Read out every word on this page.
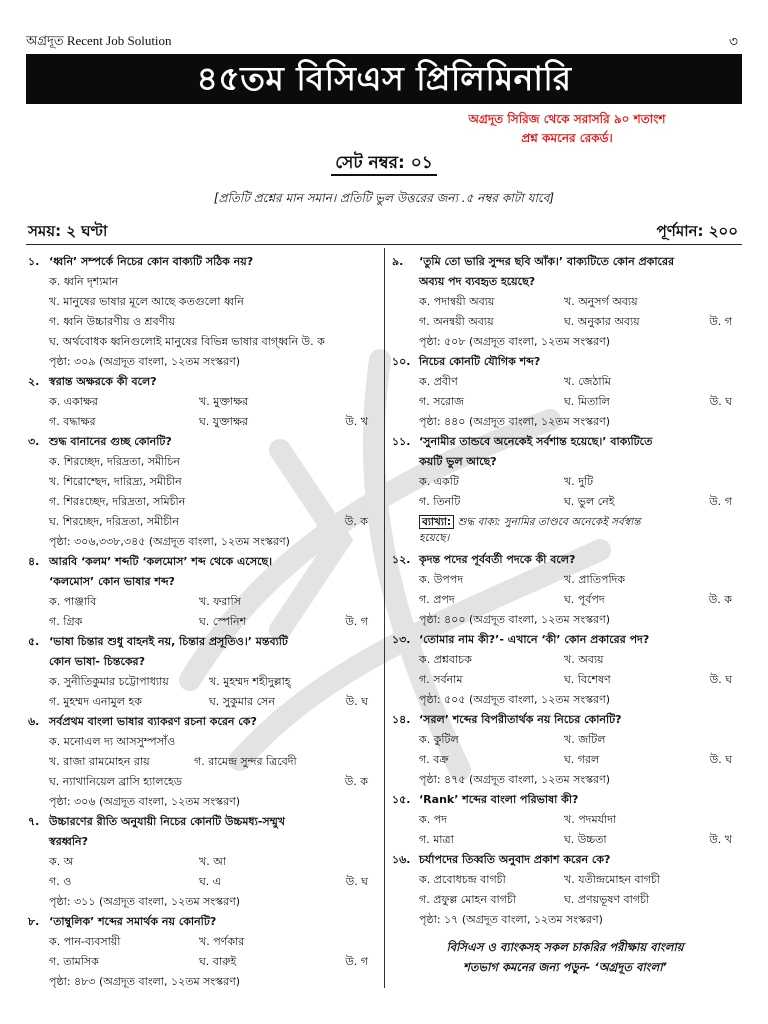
অগ্রদূত Recent Job Solution	৩
৪৫তম বিসিএস প্রিলিমিনারি
অগ্রদূত সিরিজ থেকে সরাসরি ৯০ শতাংশ
প্রশ্ন কমনের রেকর্ড।
সেট নম্বর: ০১
[প্রতিটি প্রশ্নের মান সমান। প্রতিটি ভুল উত্তরের জন্য .৫ নম্বর কাটা যাবে]
সময়: ২ ঘণ্টা	পূর্ণমান: ২০০
১. ‘ধ্বনি’ সম্পর্কে নিচের কোন বাক্যটি সঠিক নয়?
ক. ধ্বনি দৃশ্যমান
খ. মানুষের ভাষার মূলে আছে কতগুলো ধ্বনি
গ. ধ্বনি উচ্চারণীয় ও শ্রবণীয়
ঘ. অর্থবোধক ধ্বনিগুলোই মানুষের বিভিন্ন ভাষার বাগ্‌ধ্বনি উ. ক
পৃষ্ঠা: ৩০৯ (অগ্রদূত বাংলা, ১২তম সংস্করণ)
২. স্বরান্ত অক্ষরকে কী বলে?
ক. একাক্ষর	খ. মুক্তাক্ষর
গ. বদ্ধাক্ষর	ঘ. যুক্তাক্ষর	উ. খ
৩. শুদ্ধ বানানের গুচ্ছ কোনটি?
ক. শিরচ্ছেদ, দরিদ্রতা, সমীচিন
খ. শিরোশ্ছেদ, দারিদ্র্য, সমীচীন
গ. শিরঃচ্ছেদ, দরিদ্রতা, সমিচীন
ঘ. শিরচ্ছেদ, দরিদ্রতা, সমীচীন	উ. ক
পৃষ্ঠা: ৩০৬,৩৩৮,৩৪৫ (অগ্রদূত বাংলা, ১২তম সংস্করণ)
৪. আরবি ‘কলম’ শব্দটি ‘কলমোস’ শব্দ থেকে এসেছে।
‘কলমোস’ কোন ভাষার শব্দ?
ক. পাঞ্জাবি	খ. ফরাসি
গ. গ্রিক	ঘ. স্পেনিশ	উ. গ
৫. ‘ভাষা চিন্তার শুধু বাহনই নয়, চিন্তার প্রসূতিও।’ মন্তব্যটি
কোন ভাষা- চিন্তকের?
ক. সুনীতিকুমার চট্টোপাধ্যায়	খ. মুহম্মদ শহীদুল্লাহ্
গ. মুহম্মদ এনামুল হক	ঘ. সুকুমার সেন	উ. ঘ
৬. সর্বপ্রথম বাংলা ভাষার ব্যাকরণ রচনা করেন কে?
ক. মনোএল দ্য আসসুম্পসাঁও
খ. রাজা রামমোহন রায়	গ. রামেন্দ্র সুন্দর ত্রিবেদী
ঘ. ন্যাথানিয়েল ব্রাসি হ্যালহেড	উ. ক
পৃষ্ঠা: ৩০৬ (অগ্রদূত বাংলা, ১২তম সংস্করণ)
৭. উচ্চারণের রীতি অনুযায়ী নিচের কোনটি উচ্চমধ্য-সম্মুখ
স্বরধ্বনি?
ক. অ	খ. আ
গ. ও	ঘ. এ	উ. ঘ
পৃষ্ঠা: ৩১১ (অগ্রদূত বাংলা, ১২তম সংস্করণ)
৮. ‘তাম্বুলিক’ শব্দের সমার্থক নয় কোনটি?
ক. পান-ব্যবসায়ী	খ. পর্ণকার
গ. তামসিক	ঘ. বারুই	উ. গ
পৃষ্ঠা: ৪৮৩ (অগ্রদূত বাংলা, ১২তম সংস্করণ)
৯. ‘তুমি তো ভারি সুন্দর ছবি আঁক।’ বাক্যটিতে কোন প্রকারের
অব্যয় পদ ব্যবহৃত হয়েছে?
ক. পদান্বয়ী অব্যয়	খ. অনুসর্গ অব্যয়
গ. অনন্বয়ী অব্যয়	ঘ. অনুকার অব্যয়	উ. গ
পৃষ্ঠা: ৫০৮ (অগ্রদূত বাংলা, ১২তম সংস্করণ)
১০. নিচের কোনটি যৌগিক শব্দ?
ক. প্রবীণ	খ. জেঠামি
গ. সরোজ	ঘ. মিতালি	উ. ঘ
পৃষ্ঠা: ৪৪০ (অগ্রদূত বাংলা, ১২তম সংস্করণ)
১১. ‘সুনামীর তান্ডবে অনেকেই সর্বশান্ত হয়েছে।’ বাক্যটিতে
কয়টি ভুল আছে?
ক. একটি	খ. দুটি
গ. তিনটি	ঘ. ভুল নেই	উ. গ
ব্যাখ্যা: শুদ্ধ বাক্য: সুনামির তাণ্ডবে অনেকেই সর্বস্বান্ত
হয়েছে।
১২. কৃদন্ত পদের পূর্ববর্তী পদকে কী বলে?
ক. উপপদ	খ. প্রাতিপদিক
গ. প্রপদ	ঘ. পূর্বপদ	উ. ক
পৃষ্ঠা: ৪০০ (অগ্রদূত বাংলা, ১২তম সংস্করণ)
১৩. ‘তোমার নাম কী?’- এখানে ‘কী’ কোন প্রকারের পদ?
ক. প্রশ্নবাচক	খ. অব্যয়
গ. সর্বনাম	ঘ. বিশেষণ	উ. ঘ
পৃষ্ঠা: ৫০৫ (অগ্রদূত বাংলা, ১২তম সংস্করণ)
১৪. ‘সরল’ শব্দের বিপরীতার্থক নয় নিচের কোনটি?
ক. কুটিল	খ. জটিল
গ. বক্র	ঘ. গরল	উ. ঘ
পৃষ্ঠা: ৪৭৫ (অগ্রদূত বাংলা, ১২তম সংস্করণ)
১৫. ‘Rank’ শব্দের বাংলা পরিভাষা কী?
ক. পদ	খ. পদমর্যাদা
গ. মাত্রা	ঘ. উচ্চতা	উ. খ
১৬. চর্যাপদের তিব্বতি অনুবাদ প্রকাশ করেন কে?
ক. প্রবোধচন্দ্র বাগচী	খ. যতীন্দ্রমোহন বাগচী
গ. প্রফুল্ল মোহন বাগচী	ঘ. প্রণয়ভূষণ বাগচী
পৃষ্ঠা: ১৭ (অগ্রদূত বাংলা, ১২তম সংস্করণ)
বিসিএস ও ব্যাংকসহ সকল চাকরির পরীক্ষায় বাংলায়
শতভাগ কমনের জন্য পড়ুন- ‘অগ্রদূত বাংলা’
